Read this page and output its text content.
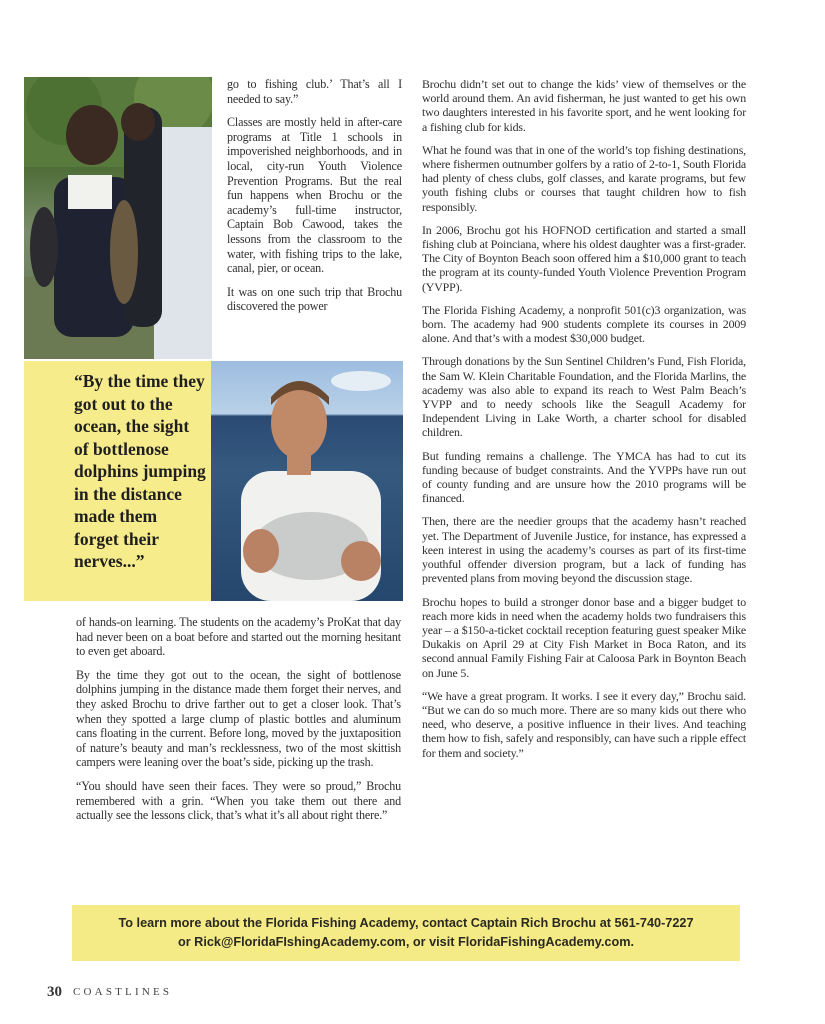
“By the time they got out to the ocean, the sight of bottlenose dolphins jumping in the distance made them forget their nerves...”

go to fishing club.’ That’s all I needed to say.”

Classes are mostly held in after-care programs at Title 1 schools in impoverished neighborhoods, and in local, city-run Youth Violence Prevention Programs. But the real fun happens when Brochu or the academy’s full-time instructor, Captain Bob Cawood, takes the lessons from the classroom to the water, with fishing trips to the lake, canal, pier, or ocean.

It was on one such trip that Brochu discovered the power

of hands-on learning. The students on the academy’s ProKat that day had never been on a boat before and started out the morning hesitant to even get aboard.

By the time they got out to the ocean, the sight of bottlenose dolphins jumping in the distance made them forget their nerves, and they asked Brochu to drive farther out to get a closer look. That’s when they spotted a large clump of plastic bottles and aluminum cans floating in the current. Before long, moved by the juxtaposition of nature’s beauty and man’s recklessness, two of the most skittish campers were leaning over the boat’s side, picking up the trash.

“You should have seen their faces. They were so proud,” Brochu remembered with a grin. “When you take them out there and actually see the lessons click, that’s what it’s all about right there.”

Brochu didn’t set out to change the kids’ view of themselves or the world around them. An avid fisherman, he just wanted to get his own two daughters interested in his favorite sport, and he went looking for a fishing club for kids.

What he found was that in one of the world’s top fishing destinations, where fishermen outnumber golfers by a ratio of 2-to-1, South Florida had plenty of chess clubs, golf classes, and karate programs, but few youth fishing clubs or courses that taught children how to fish responsibly.

In 2006, Brochu got his HOFNOD certification and started a small fishing club at Poinciana, where his oldest daughter was a first-grader. The City of Boynton Beach soon offered him a $10,000 grant to teach the program at its county-funded Youth Violence Prevention Program (YVPP).

The Florida Fishing Academy, a nonprofit 501(c)3 organization, was born. The academy had 900 students complete its courses in 2009 alone. And that’s with a modest $30,000 budget.

Through donations by the Sun Sentinel Children’s Fund, Fish Florida, the Sam W. Klein Charitable Foundation, and the Florida Marlins, the academy was also able to expand its reach to West Palm Beach’s YVPP and to needy schools like the Seagull Academy for Independent Living in Lake Worth, a charter school for disabled children.

But funding remains a challenge. The YMCA has had to cut its funding because of budget constraints. And the YVPPs have run out of county funding and are unsure how the 2010 programs will be financed.

Then, there are the needier groups that the academy hasn’t reached yet. The Department of Juvenile Justice, for instance, has expressed a keen interest in using the academy’s courses as part of its first-time youthful offender diversion program, but a lack of funding has prevented plans from moving beyond the discussion stage.

Brochu hopes to build a stronger donor base and a bigger budget to reach more kids in need when the academy holds two fundraisers this year – a $150-a-ticket cocktail reception featuring guest speaker Mike Dukakis on April 29 at City Fish Market in Boca Raton, and its second annual Family Fishing Fair at Caloosa Park in Boynton Beach on June 5.

“We have a great program. It works. I see it every day,” Brochu said. “But we can do so much more. There are so many kids out there who need, who deserve, a positive influence in their lives. And teaching them how to fish, safely and responsibly, can have such a ripple effect for them and society.”

To learn more about the Florida Fishing Academy, contact Captain Rich Brochu at 561-740-7227
or Rick@FloridaFIshingAcademy.com, or visit FloridaFishingAcademy.com.
30 COASTLINES
